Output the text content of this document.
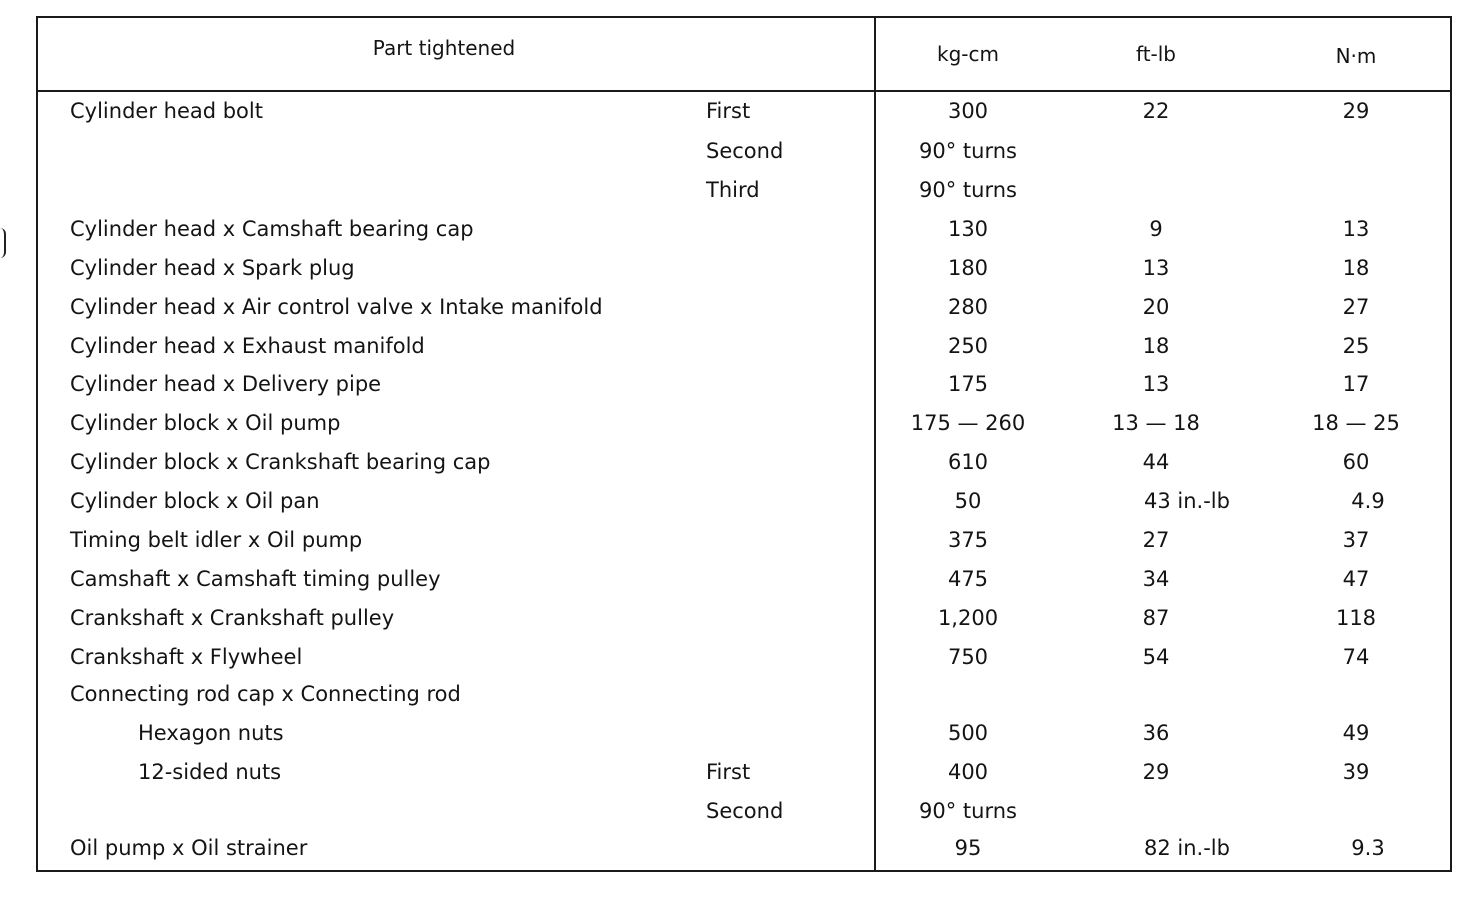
Part tightened	kg-cm	ft-lb	N·m
Cylinder head bolt	First	300	22	29
Second	90° turns
Third	90° turns
Cylinder head x Camshaft bearing cap	130	9	13
Cylinder head x Spark plug	180	13	18
Cylinder head x Air control valve x Intake manifold	280	20	27
Cylinder head x Exhaust manifold	250	18	25
Cylinder head x Delivery pipe	175	13	17
Cylinder block x Oil pump	175 — 260	13 — 18	18 — 25
Cylinder block x Crankshaft bearing cap	610	44	60
Cylinder block x Oil pan	50	43 in.-lb	4.9
Timing belt idler x Oil pump	375	27	37
Camshaft x Camshaft timing pulley	475	34	47
Crankshaft x Crankshaft pulley	1,200	87	118
Crankshaft x Flywheel	750	54	74
Connecting rod cap x Connecting rod
Hexagon nuts	500	36	49
12-sided nuts	First	400	29	39
Second	90° turns
Oil pump x Oil strainer	95	82 in.-lb	9.3
